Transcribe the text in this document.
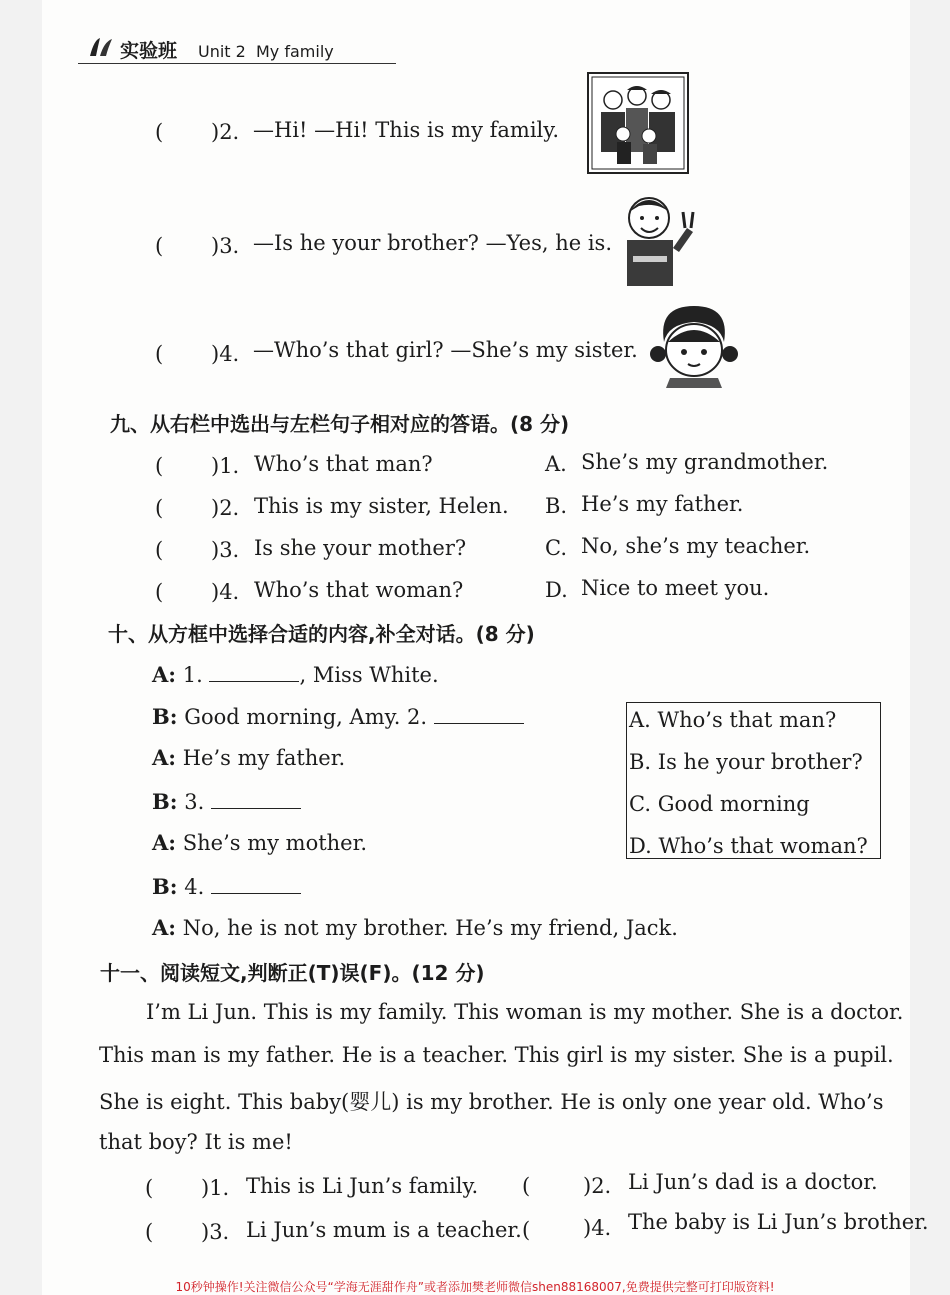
实验班 Unit 2 My family
( )2. —Hi! —Hi! This is my family.
( )3. —Is he your brother? —Yes, he is.
( )4. —Who’s that girl? —She’s my sister.
九、从右栏中选出与左栏句子相对应的答语。(8 分)
( )1. Who’s that man?	A. She’s my grandmother.
( )2. This is my sister, Helen. B. He’s my father.
( )3. Is she your mother?	C. No, she’s my teacher.
( )4. Who’s that woman?	D. Nice to meet you.
十、从方框中选择合适的内容,补全对话。(8 分)
A: 1.	, Miss White.
B: Good morning, Amy. 2.
A: He’s my father.
B: 3.
A: She’s my mother.
B: 4.
A: No, he is not my brother. He’s my friend, Jack.
A. Who’s that man?
B. Is he your brother?
C. Good morning
D. Who’s that woman?
十一、阅读短文,判断正(T)误(F)。(12 分)
I’m Li Jun. This is my family. This woman is my mother. She is a doctor.
This man is my father. He is a teacher. This girl is my sister. She is a pupil.
She is eight. This baby(婴儿) is my brother. He is only one year old. Who’s
that boy? It is me!
( )1. This is Li Jun’s family. (	)2. Li Jun’s dad is a doctor.
( )3. Li Jun’s mum is a teacher. (	)4. The baby is Li Jun’s brother.
10秒钟操作!关注微信公众号“学海无涯甜作舟”或者添加樊老师微信shen88168007,免费提供完整可打印版资料!
